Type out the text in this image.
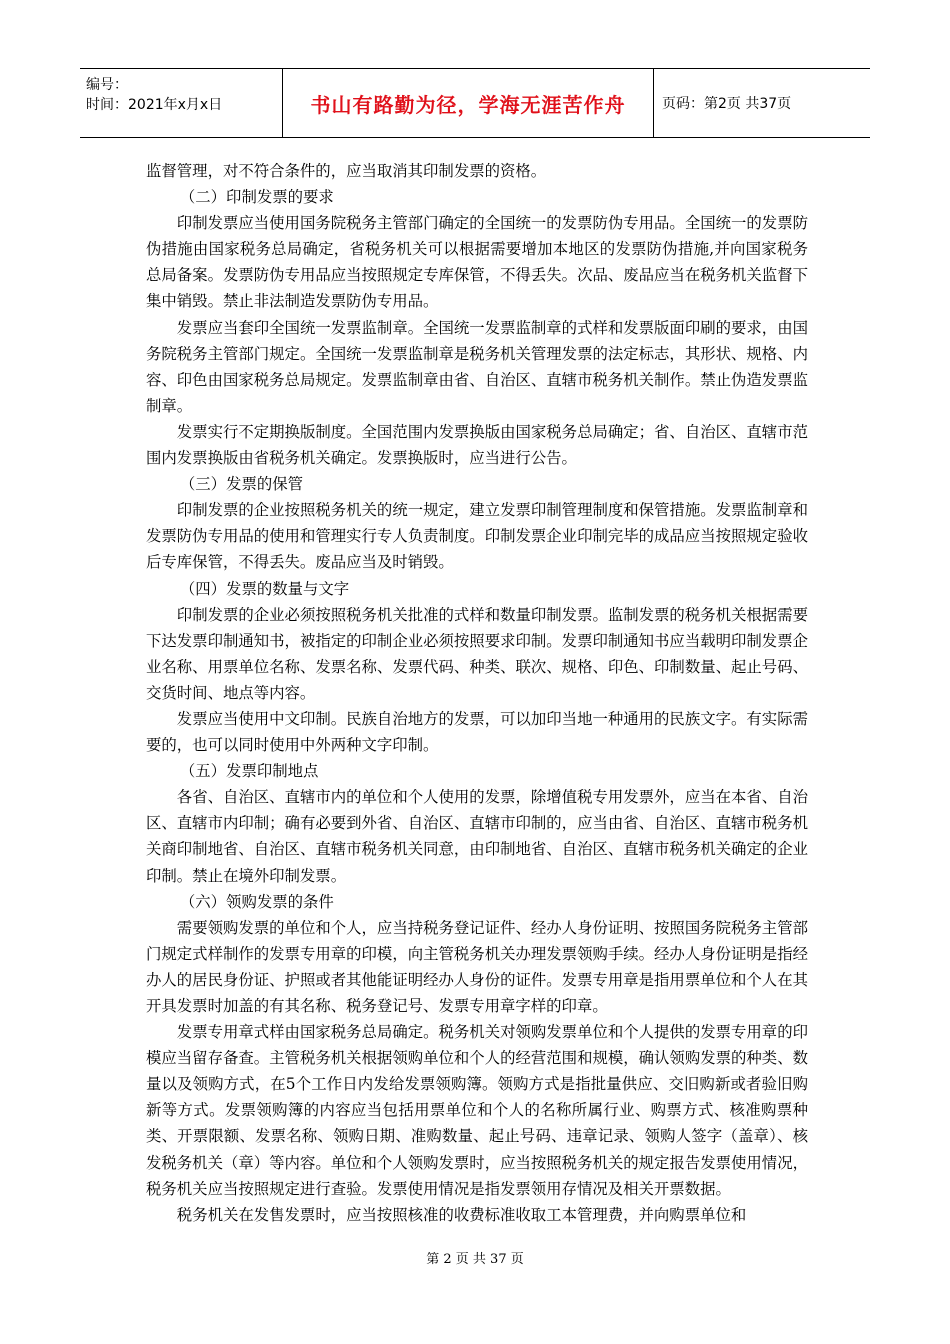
编号：
时间：2021年x月x日	书山有路勤为径，学海无涯苦作舟	页码：第2页 共37页

监督管理，对不符合条件的，应当取消其印制发票的资格。

（二）印制发票的要求

印制发票应当使用国务院税务主管部门确定的全国统一的发票防伪专用品。全国统一的发票防伪措施由国家税务总局确定，省税务机关可以根据需要增加本地区的发票防伪措施,并向国家税务总局备案。发票防伪专用品应当按照规定专库保管，不得丢失。次品、废品应当在税务机关监督下集中销毁。禁止非法制造发票防伪专用品。

发票应当套印全国统一发票监制章。全国统一发票监制章的式样和发票版面印刷的要求，由国务院税务主管部门规定。全国统一发票监制章是税务机关管理发票的法定标志，其形状、规格、内容、印色由国家税务总局规定。发票监制章由省、自治区、直辖市税务机关制作。禁止伪造发票监制章。

发票实行不定期换版制度。全国范围内发票换版由国家税务总局确定；省、自治区、直辖市范围内发票换版由省税务机关确定。发票换版时，应当进行公告。

（三）发票的保管

印制发票的企业按照税务机关的统一规定，建立发票印制管理制度和保管措施。发票监制章和发票防伪专用品的使用和管理实行专人负责制度。印制发票企业印制完毕的成品应当按照规定验收后专库保管，不得丢失。废品应当及时销毁。

（四）发票的数量与文字

印制发票的企业必须按照税务机关批准的式样和数量印制发票。监制发票的税务机关根据需要下达发票印制通知书，被指定的印制企业必须按照要求印制。发票印制通知书应当载明印制发票企业名称、用票单位名称、发票名称、发票代码、种类、联次、规格、印色、印制数量、起止号码、交货时间、地点等内容。

发票应当使用中文印制。民族自治地方的发票，可以加印当地一种通用的民族文字。有实际需要的，也可以同时使用中外两种文字印制。

（五）发票印制地点

各省、自治区、直辖市内的单位和个人使用的发票，除增值税专用发票外，应当在本省、自治区、直辖市内印制；确有必要到外省、自治区、直辖市印制的，应当由省、自治区、直辖市税务机关商印制地省、自治区、直辖市税务机关同意，由印制地省、自治区、直辖市税务机关确定的企业印制。禁止在境外印制发票。

（六）领购发票的条件

需要领购发票的单位和个人，应当持税务登记证件、经办人身份证明、按照国务院税务主管部门规定式样制作的发票专用章的印模，向主管税务机关办理发票领购手续。经办人身份证明是指经办人的居民身份证、护照或者其他能证明经办人身份的证件。发票专用章是指用票单位和个人在其开具发票时加盖的有其名称、税务登记号、发票专用章字样的印章。

发票专用章式样由国家税务总局确定。税务机关对领购发票单位和个人提供的发票专用章的印模应当留存备查。主管税务机关根据领购单位和个人的经营范围和规模，确认领购发票的种类、数量以及领购方式，在5个工作日内发给发票领购簿。领购方式是指批量供应、交旧购新或者验旧购新等方式。发票领购簿的内容应当包括用票单位和个人的名称所属行业、购票方式、核准购票种类、开票限额、发票名称、领购日期、准购数量、起止号码、违章记录、领购人签字（盖章）、核发税务机关（章）等内容。单位和个人领购发票时，应当按照税务机关的规定报告发票使用情况，税务机关应当按照规定进行查验。发票使用情况是指发票领用存情况及相关开票数据。

税务机关在发售发票时，应当按照核准的收费标准收取工本管理费，并向购票单位和

第 2 页 共 37 页
